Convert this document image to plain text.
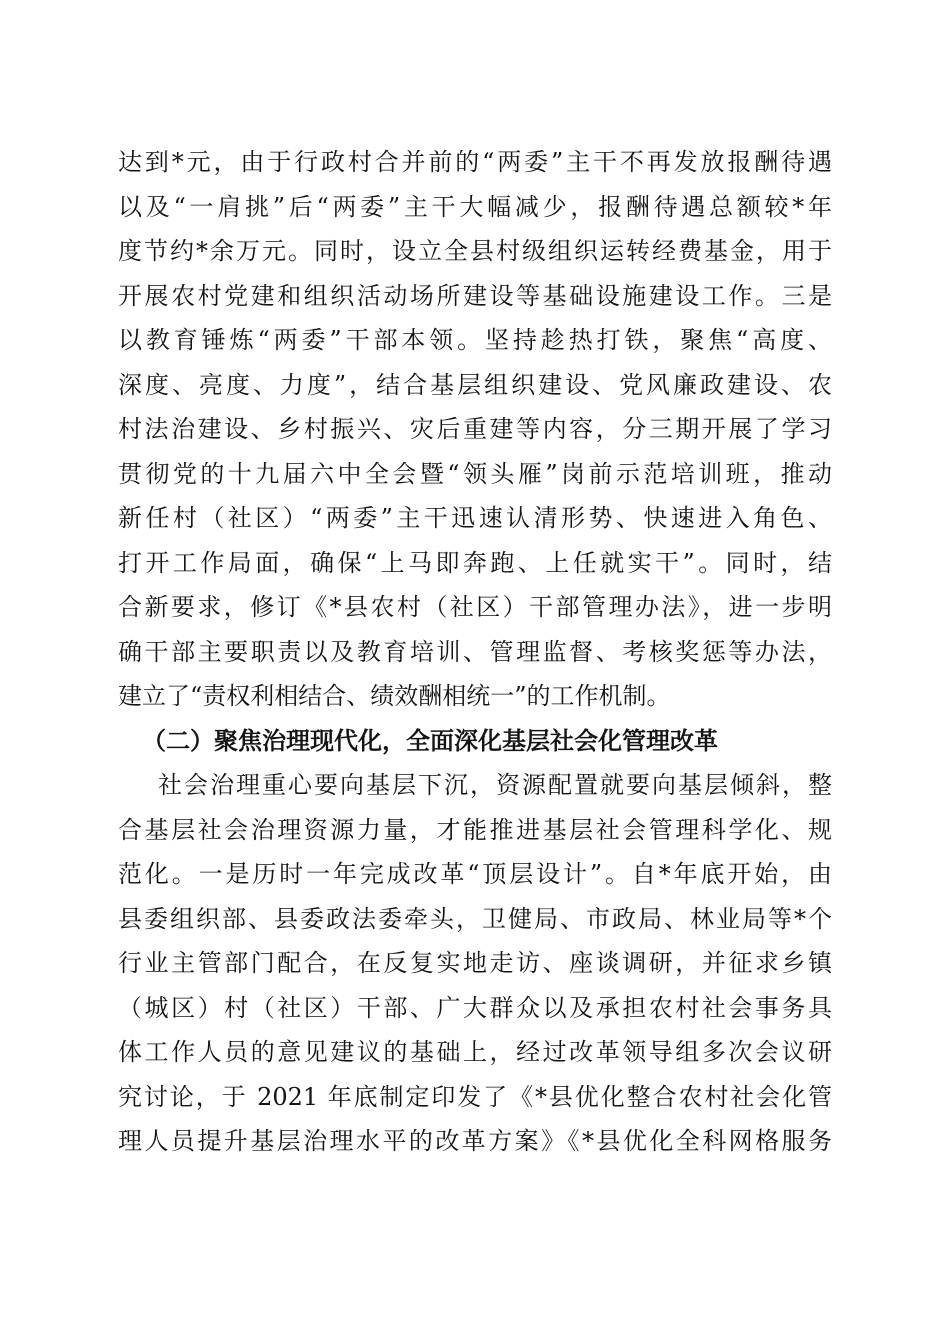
达到*元，由于行政村合并前的“两委”主干不再发放报酬待遇
以及“一肩挑”后“两委”主干大幅减少，报酬待遇总额较*年
度节约*余万元。同时，设立全县村级组织运转经费基金，用于
开展农村党建和组织活动场所建设等基础设施建设工作。三是
以教育锤炼“两委”干部本领。坚持趁热打铁，聚焦“高度、
深度、亮度、力度”，结合基层组织建设、党风廉政建设、农
村法治建设、乡村振兴、灾后重建等内容，分三期开展了学习
贯彻党的十九届六中全会暨“领头雁”岗前示范培训班，推动
新任村（社区）“两委”主干迅速认清形势、快速进入角色、
打开工作局面，确保“上马即奔跑、上任就实干”。同时，结
合新要求，修订《*县农村（社区）干部管理办法》，进一步明
确干部主要职责以及教育培训、管理监督、考核奖惩等办法，
建立了“责权利相结合、绩效酬相统一”的工作机制。
（二）聚焦治理现代化，全面深化基层社会化管理改革
社会治理重心要向基层下沉，资源配置就要向基层倾斜，整
合基层社会治理资源力量，才能推进基层社会管理科学化、规
范化。一是历时一年完成改革“顶层设计”。自*年底开始，由
县委组织部、县委政法委牵头，卫健局、市政局、林业局等*个
行业主管部门配合，在反复实地走访、座谈调研，并征求乡镇
（城区）村（社区）干部、广大群众以及承担农村社会事务具
体工作人员的意见建议的基础上，经过改革领导组多次会议研
究讨论，于 2021 年底制定印发了《*县优化整合农村社会化管
理人员提升基层治理水平的改革方案》《*县优化全科网格服务
